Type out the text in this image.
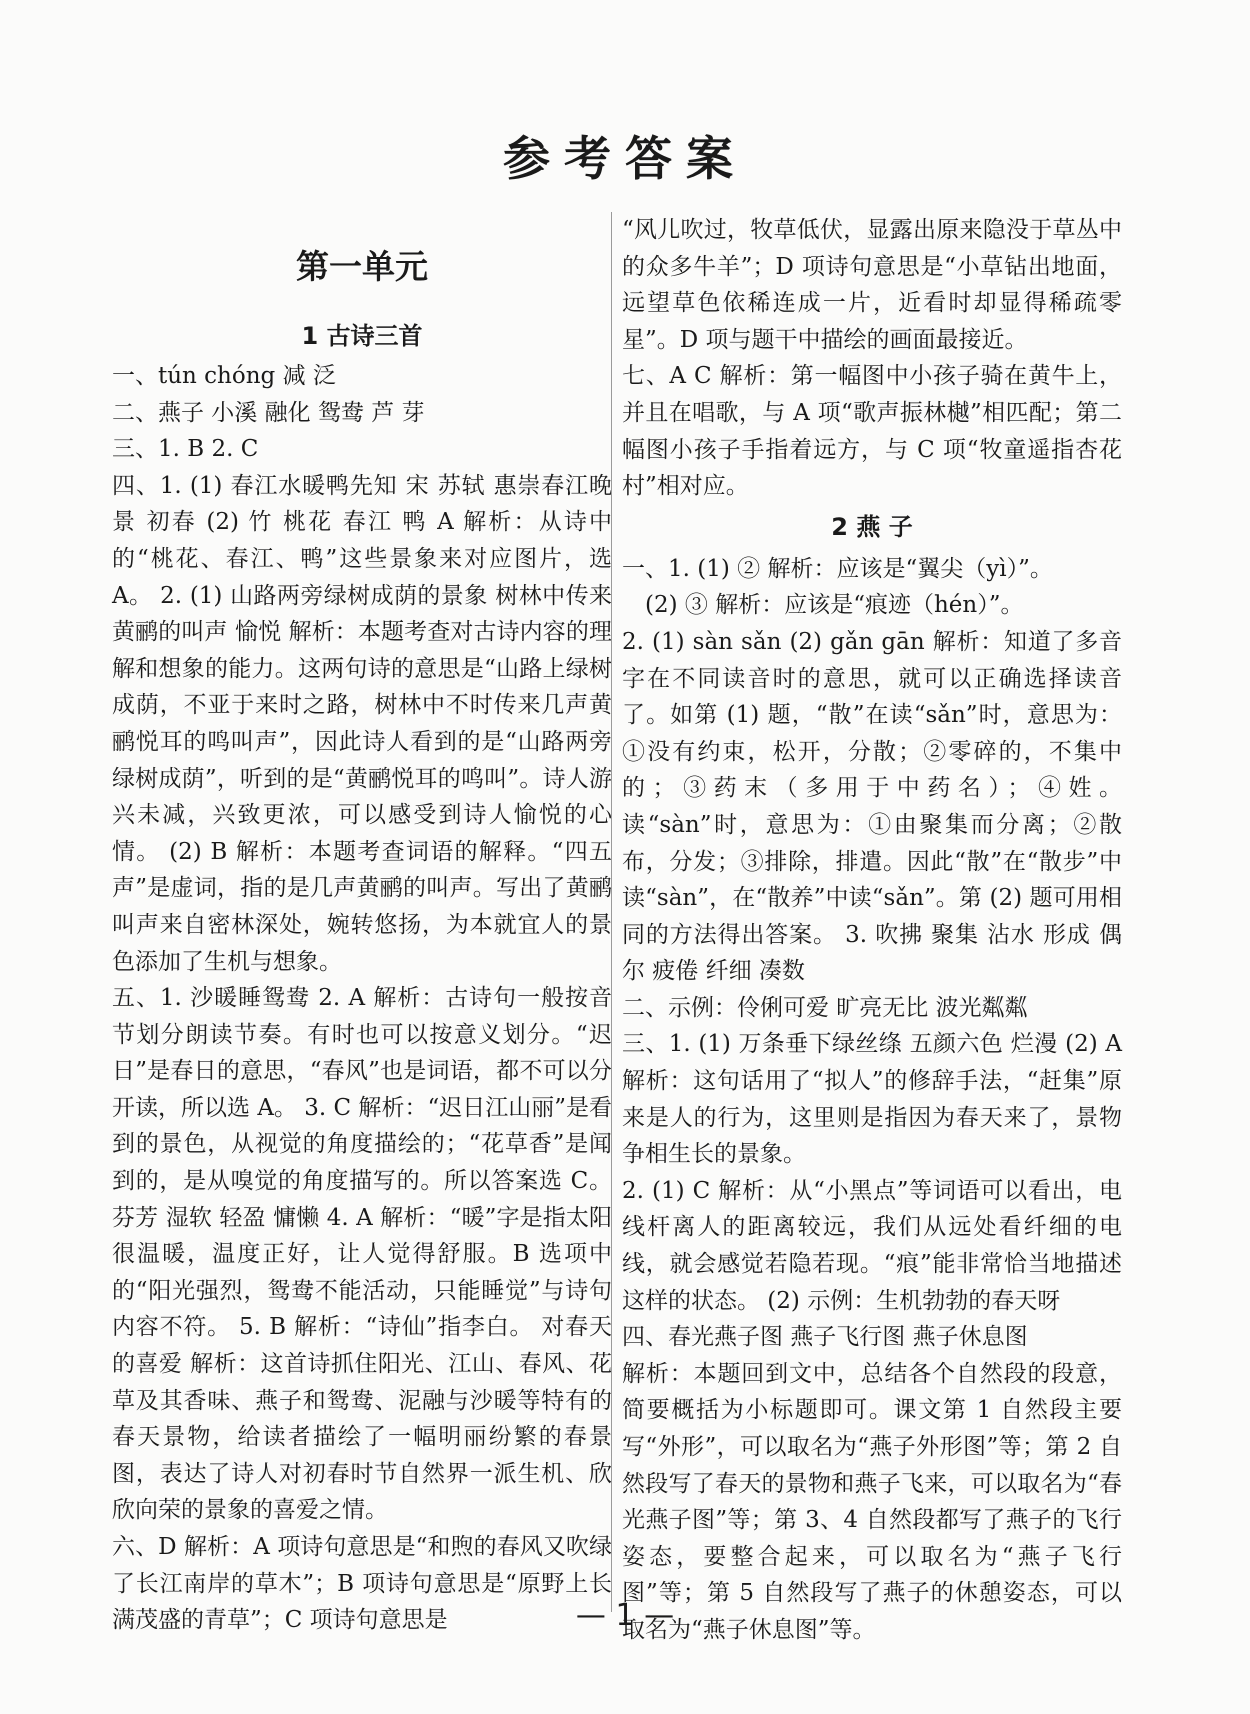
参考答案
第一单元
1 古诗三首

一、tún chóng 减 泛

二、燕子 小溪 融化 鸳鸯 芦 芽

三、1. B 2. C

四、1. (1) 春江水暖鸭先知 宋 苏轼 惠崇春江晚景 初春 (2) 竹 桃花 春江 鸭 A 解析：从诗中的“桃花、春江、鸭”这些景象来对应图片，选 A。 2. (1) 山路两旁绿树成荫的景象 树林中传来黄鹂的叫声 愉悦 解析：本题考查对古诗内容的理解和想象的能力。这两句诗的意思是“山路上绿树成荫，不亚于来时之路，树林中不时传来几声黄鹂悦耳的鸣叫声”，因此诗人看到的是“山路两旁绿树成荫”，听到的是“黄鹂悦耳的鸣叫”。诗人游兴未减，兴致更浓，可以感受到诗人愉悦的心情。 (2) B 解析：本题考查词语的解释。“四五声”是虚词，指的是几声黄鹂的叫声。写出了黄鹂叫声来自密林深处，婉转悠扬，为本就宜人的景色添加了生机与想象。

五、1. 沙暖睡鸳鸯 2. A 解析：古诗句一般按音节划分朗读节奏。有时也可以按意义划分。“迟日”是春日的意思，“春风”也是词语，都不可以分开读，所以选 A。 3. C 解析：“迟日江山丽”是看到的景色，从视觉的角度描绘的；“花草香”是闻到的，是从嗅觉的角度描写的。所以答案选 C。 芬芳 湿软 轻盈 慵懒 4. A 解析：“暖”字是指太阳很温暖，温度正好，让人觉得舒服。B 选项中的“阳光强烈，鸳鸯不能活动，只能睡觉”与诗句内容不符。 5. B 解析：“诗仙”指李白。 对春天的喜爱 解析：这首诗抓住阳光、江山、春风、花草及其香味、燕子和鸳鸯、泥融与沙暖等特有的春天景物，给读者描绘了一幅明丽纷繁的春景图，表达了诗人对初春时节自然界一派生机、欣欣向荣的景象的喜爱之情。

六、D 解析：A 项诗句意思是“和煦的春风又吹绿了长江南岸的草木”；B 项诗句意思是“原野上长满茂盛的青草”；C 项诗句意思是

“风儿吹过，牧草低伏，显露出原来隐没于草丛中的众多牛羊”；D 项诗句意思是“小草钻出地面，远望草色依稀连成一片，近看时却显得稀疏零星”。D 项与题干中描绘的画面最接近。

七、A C 解析：第一幅图中小孩子骑在黄牛上，并且在唱歌，与 A 项“歌声振林樾”相匹配；第二幅图小孩子手指着远方，与 C 项“牧童遥指杏花村”相对应。

2 燕 子

一、1. (1) ② 解析：应该是“翼尖（yì）”。

(2) ③ 解析：应该是“痕迹（hén）”。

2. (1) sàn sǎn (2) gǎn gān 解析：知道了多音字在不同读音时的意思，就可以正确选择读音了。如第 (1) 题，“散”在读“sǎn”时，意思为：①没有约束，松开，分散；②零碎的，不集中的；③药末（多用于中药名）；④姓。读“sàn”时，意思为：①由聚集而分离；②散布，分发；③排除，排遣。因此“散”在“散步”中读“sàn”，在“散养”中读“sǎn”。第 (2) 题可用相同的方法得出答案。 3. 吹拂 聚集 沾水 形成 偶尔 疲倦 纤细 凑数

二、示例：伶俐可爱 旷亮无比 波光粼粼

三、1. (1) 万条垂下绿丝绦 五颜六色 烂漫 (2) A 解析：这句话用了“拟人”的修辞手法，“赶集”原来是人的行为，这里则是指因为春天来了，景物争相生长的景象。

2. (1) C 解析：从“小黑点”等词语可以看出，电线杆离人的距离较远，我们从远处看纤细的电线，就会感觉若隐若现。“痕”能非常恰当地描述这样的状态。 (2) 示例：生机勃勃的春天呀

四、春光燕子图 燕子飞行图 燕子休息图

解析：本题回到文中，总结各个自然段的段意，简要概括为小标题即可。课文第 1 自然段主要写“外形”，可以取名为“燕子外形图”等；第 2 自然段写了春天的景物和燕子飞来，可以取名为“春光燕子图”等；第 3、4 自然段都写了燕子的飞行姿态，要整合起来，可以取名为“燕子飞行图”等；第 5 自然段写了燕子的休憩姿态，可以取名为“燕子休息图”等。

— 1 —
